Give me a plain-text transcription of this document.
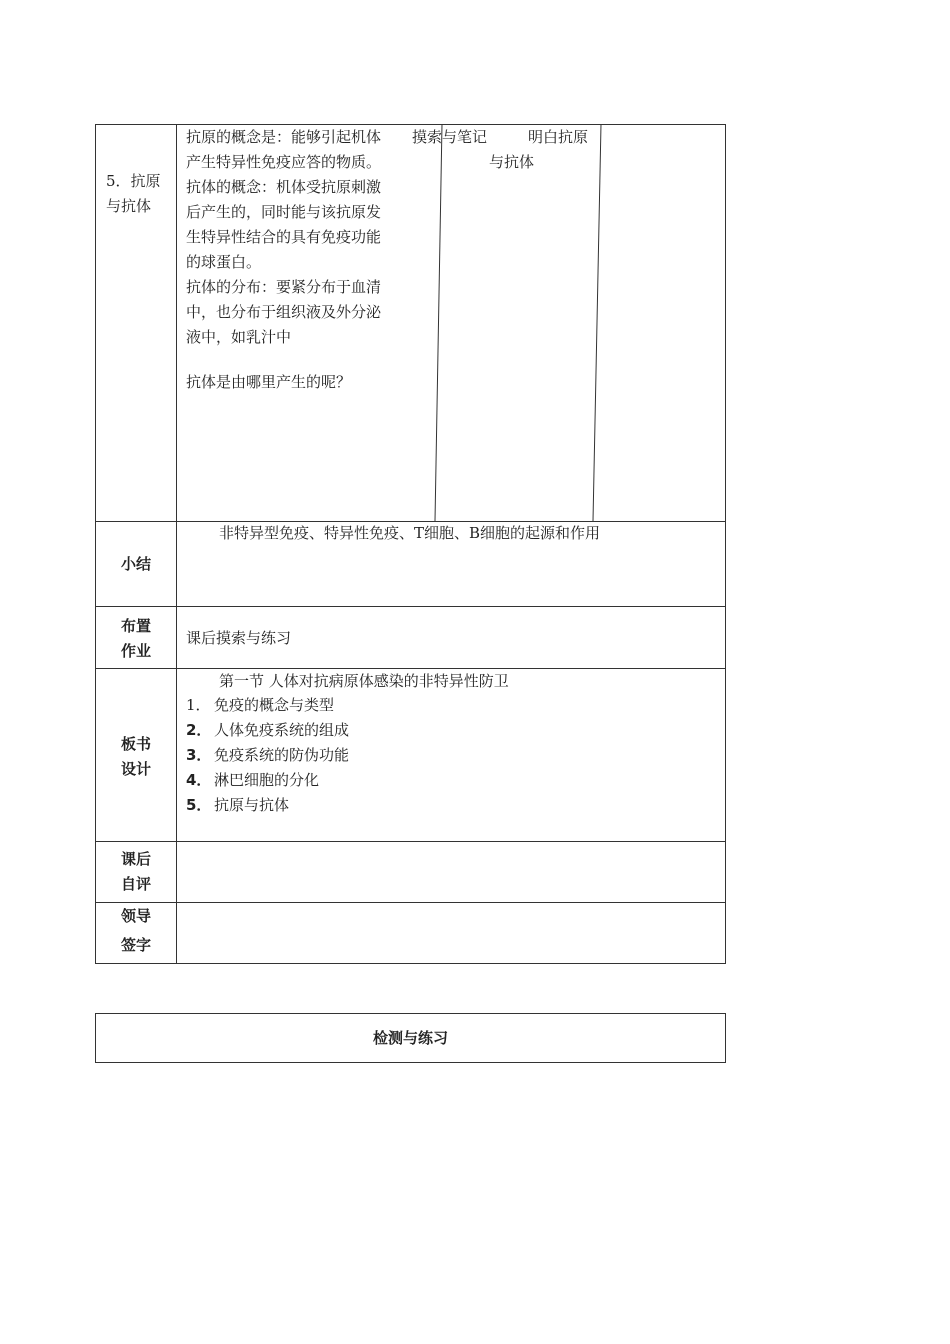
5．抗原
与抗体
抗原的概念是：能够引起机体
产生特异性免疫应答的物质。
抗体的概念：机体受抗原刺激
后产生的，同时能与该抗原发
生特异性结合的具有免疫功能
的球蛋白。
抗体的分布：要紧分布于血清
中，也分布于组织液及外分泌
液中，如乳汁中
抗体是由哪里产生的呢？
摸索与笔记	明白抗原
与抗体
小结
非特异型免疫、特异性免疫、T细胞、B细胞的起源和作用
布置
作业
课后摸索与练习
板书
设计
第一节 人体对抗病原体感染的非特异性防卫
1． 免疫的概念与类型
2． 人体免疫系统的组成
3． 免疫系统的防伪功能
4． 淋巴细胞的分化
5． 抗原与抗体
课后
自评
领导
签字
检测与练习
